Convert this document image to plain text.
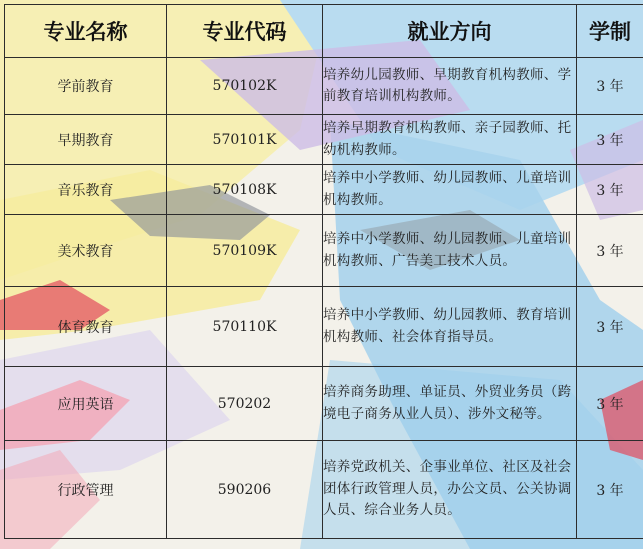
专业名称	专业代码	就业方向	学制
学前教育	570102K	培养幼儿园教师、早期教育机构教师、学前教育培训机构教师。	3 年
早期教育	570101K	培养早期教育机构教师、亲子园教师、托幼机构教师。	3 年
音乐教育	570108K	培养中小学教师、幼儿园教师、儿童培训机构教师。	3 年
美术教育	570109K	培养中小学教师、幼儿园教师、儿童培训机构教师、广告美工技术人员。	3 年
体育教育	570110K	培养中小学教师、幼儿园教师、教育培训机构教师、社会体育指导员。	3 年
应用英语	570202	培养商务助理、单证员、外贸业务员（跨境电子商务从业人员）、涉外文秘等。	3 年
行政管理	590206	培养党政机关、企事业单位、社区及社会团体行政管理人员，办公文员、公关协调人员、综合业务人员。	3 年
